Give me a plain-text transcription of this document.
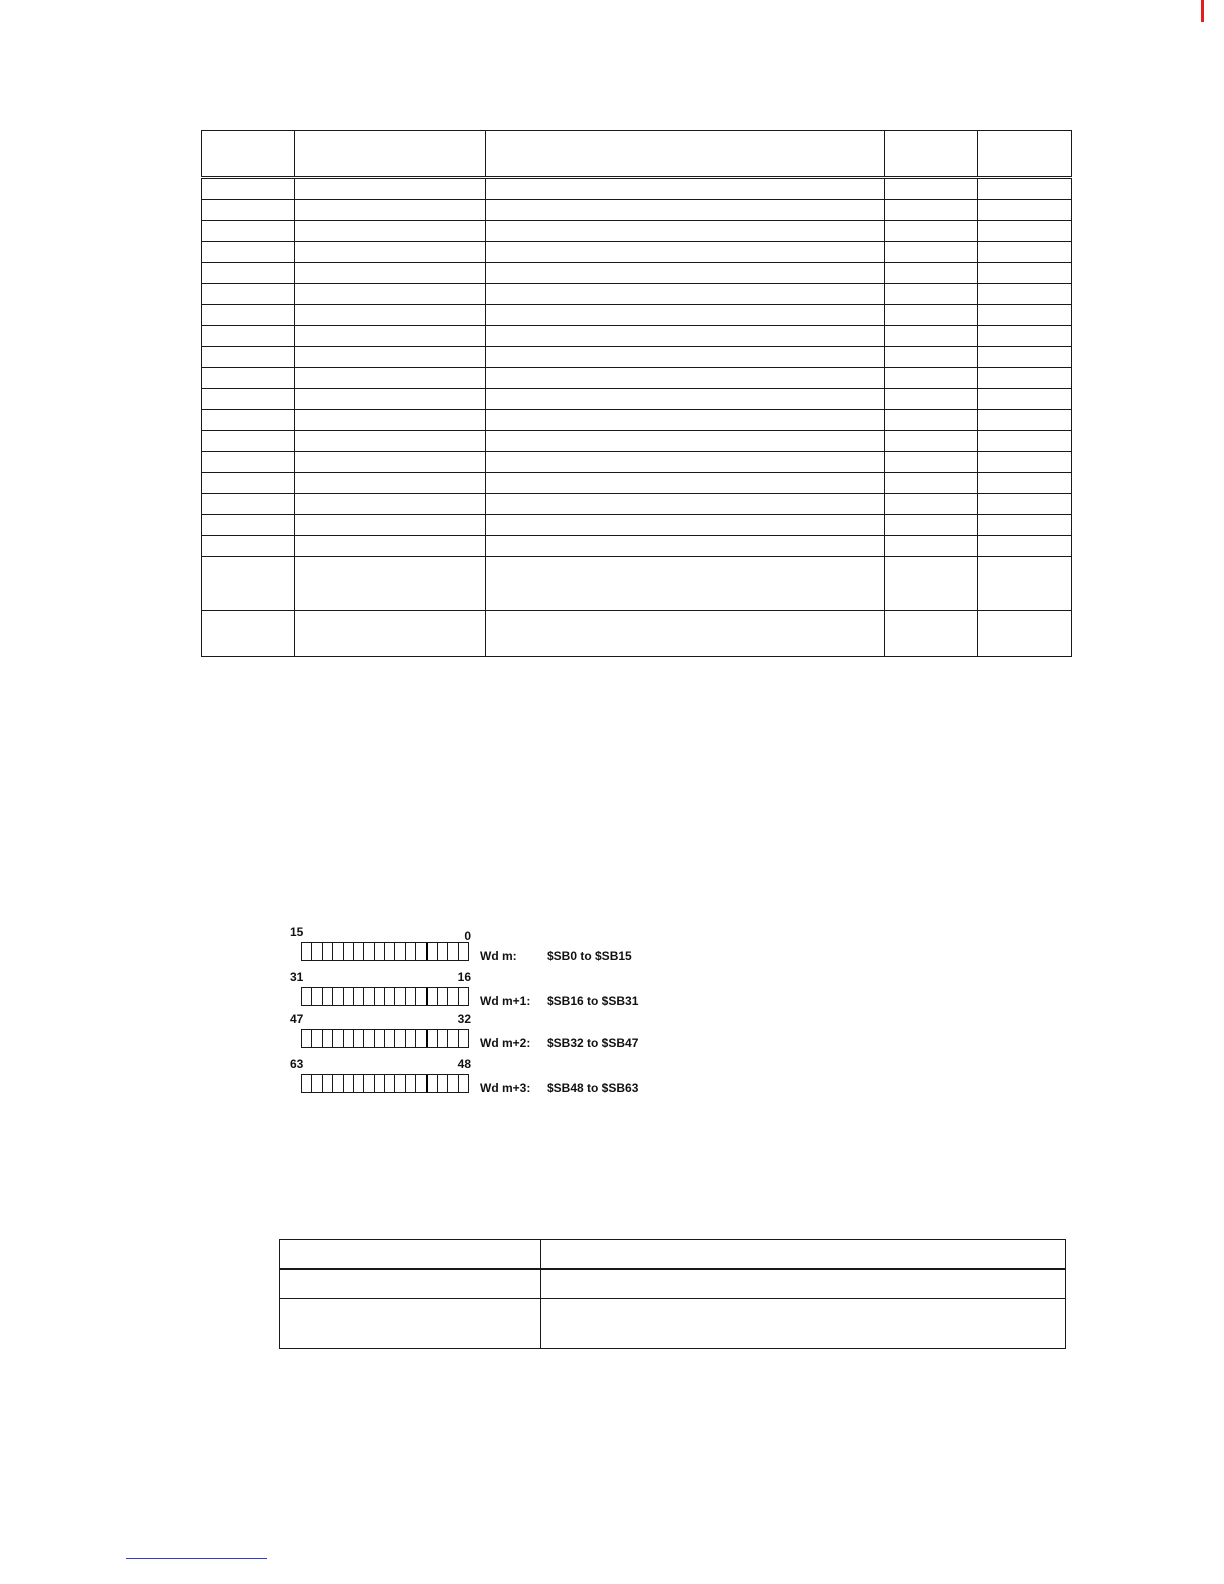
15	0
Wd m:	$SB0 to $SB15
31	16
Wd m+1: $SB16 to $SB31
47	32
Wd m+2: $SB32 to $SB47
63	48
Wd m+3: $SB48 to $SB63
